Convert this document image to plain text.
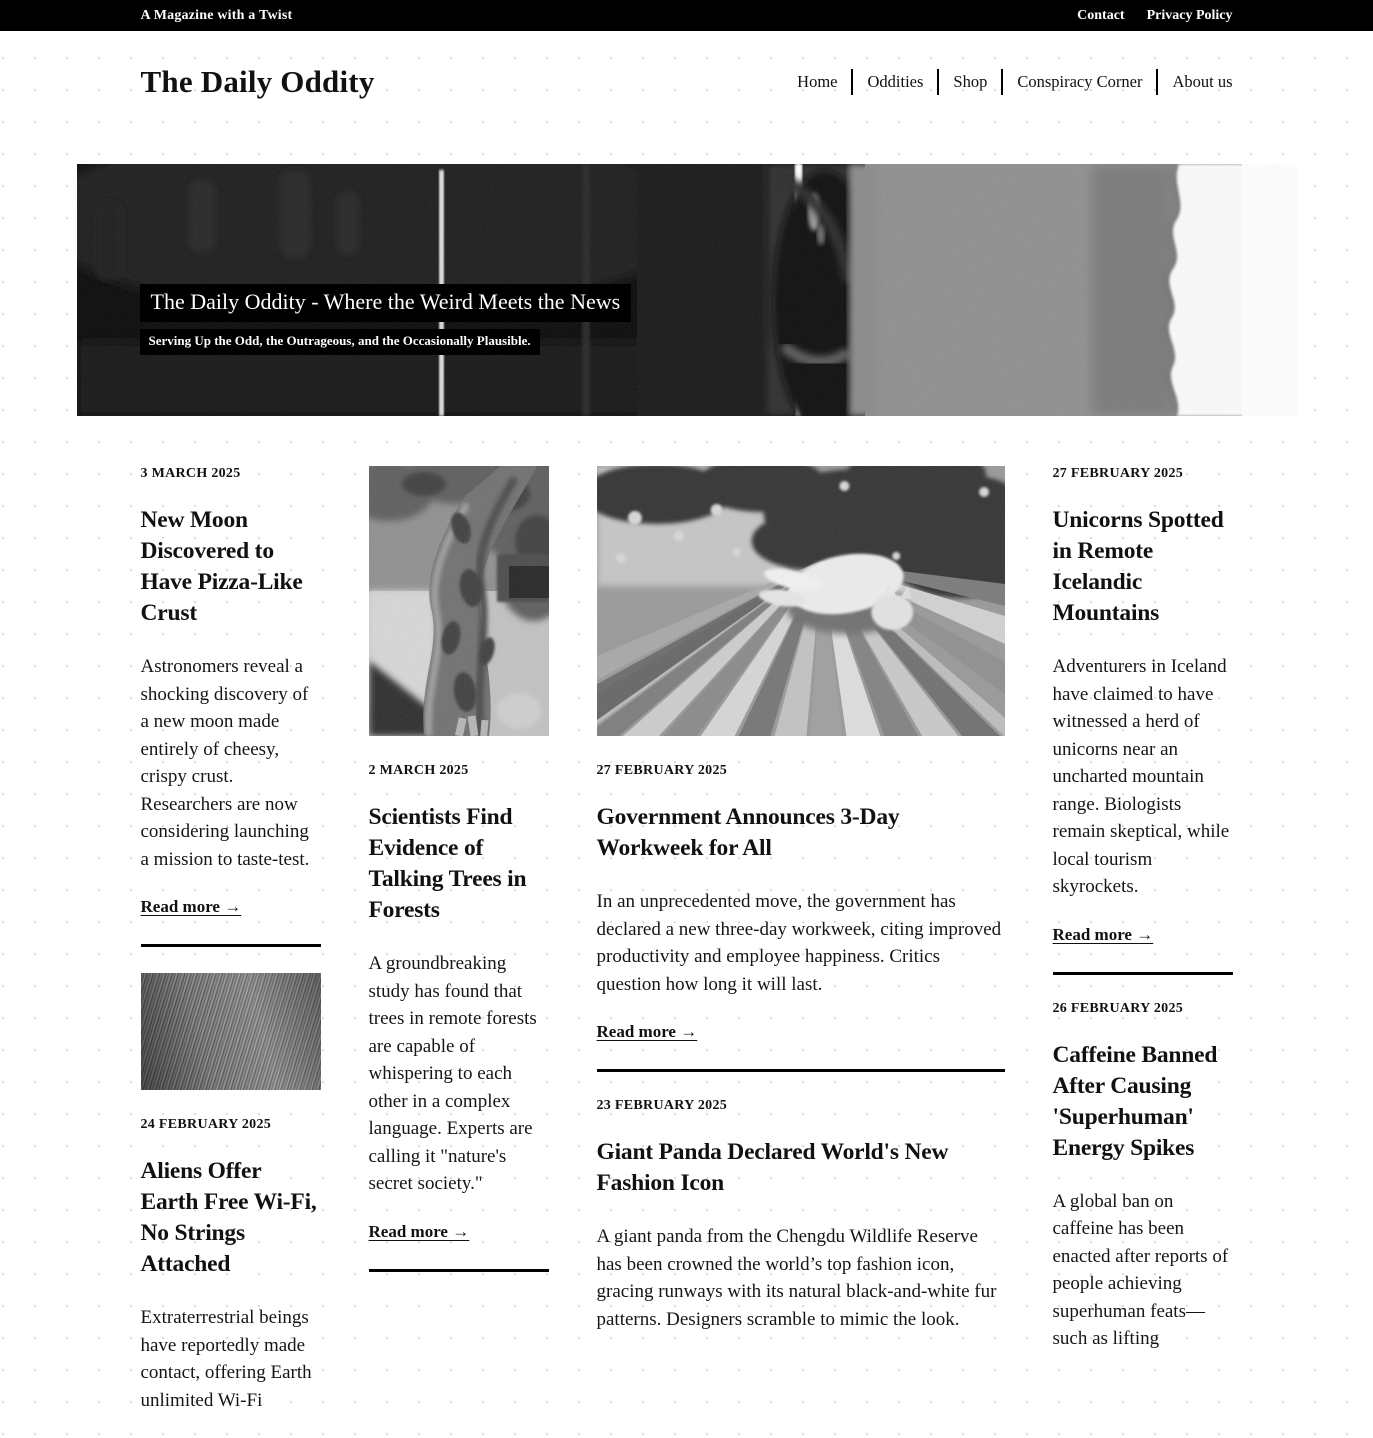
A Magazine with a Twist	Contact Privacy Policy
The Daily Oddity	Home	Oddities	Shop	Conspiracy Corner	About us
The Daily Oddity - Where the Weird Meets the News
Serving Up the Odd, the Outrageous, and the Occasionally Plausible.
3 MARCH 2025
New Moon Discovered to Have Pizza-Like Crust

Astronomers reveal a shocking discovery of a new moon made entirely of cheesy, crispy crust. Researchers are now considering launching a mission to taste-test.

Read more →
24 FEBRUARY 2025
Aliens Offer Earth Free Wi-Fi, No Strings Attached

Extraterrestrial beings have reportedly made contact, offering Earth unlimited Wi-Fi

2 MARCH 2025
Scientists Find Evidence of Talking Trees in Forests

A groundbreaking study has found that trees in remote forests are capable of whispering to each other in a complex language. Experts are calling it "nature's secret society."

Read more →
27 FEBRUARY 2025
Government Announces 3-Day Workweek for All

In an unprecedented move, the government has declared a new three-day workweek, citing improved productivity and employee happiness. Critics question how long it will last.

Read more →
23 FEBRUARY 2025
Giant Panda Declared World's New Fashion Icon

A giant panda from the Chengdu Wildlife Reserve has been crowned the world’s top fashion icon, gracing runways with its natural black-and-white fur patterns. Designers scramble to mimic the look.

27 FEBRUARY 2025
Unicorns Spotted in Remote Icelandic Mountains

Adventurers in Iceland have claimed to have witnessed a herd of unicorns near an uncharted mountain range. Biologists remain skeptical, while local tourism skyrockets.

Read more →
26 FEBRUARY 2025
Caffeine Banned After Causing 'Superhuman' Energy Spikes

A global ban on caffeine has been enacted after reports of people achieving superhuman feats—such as lifting
